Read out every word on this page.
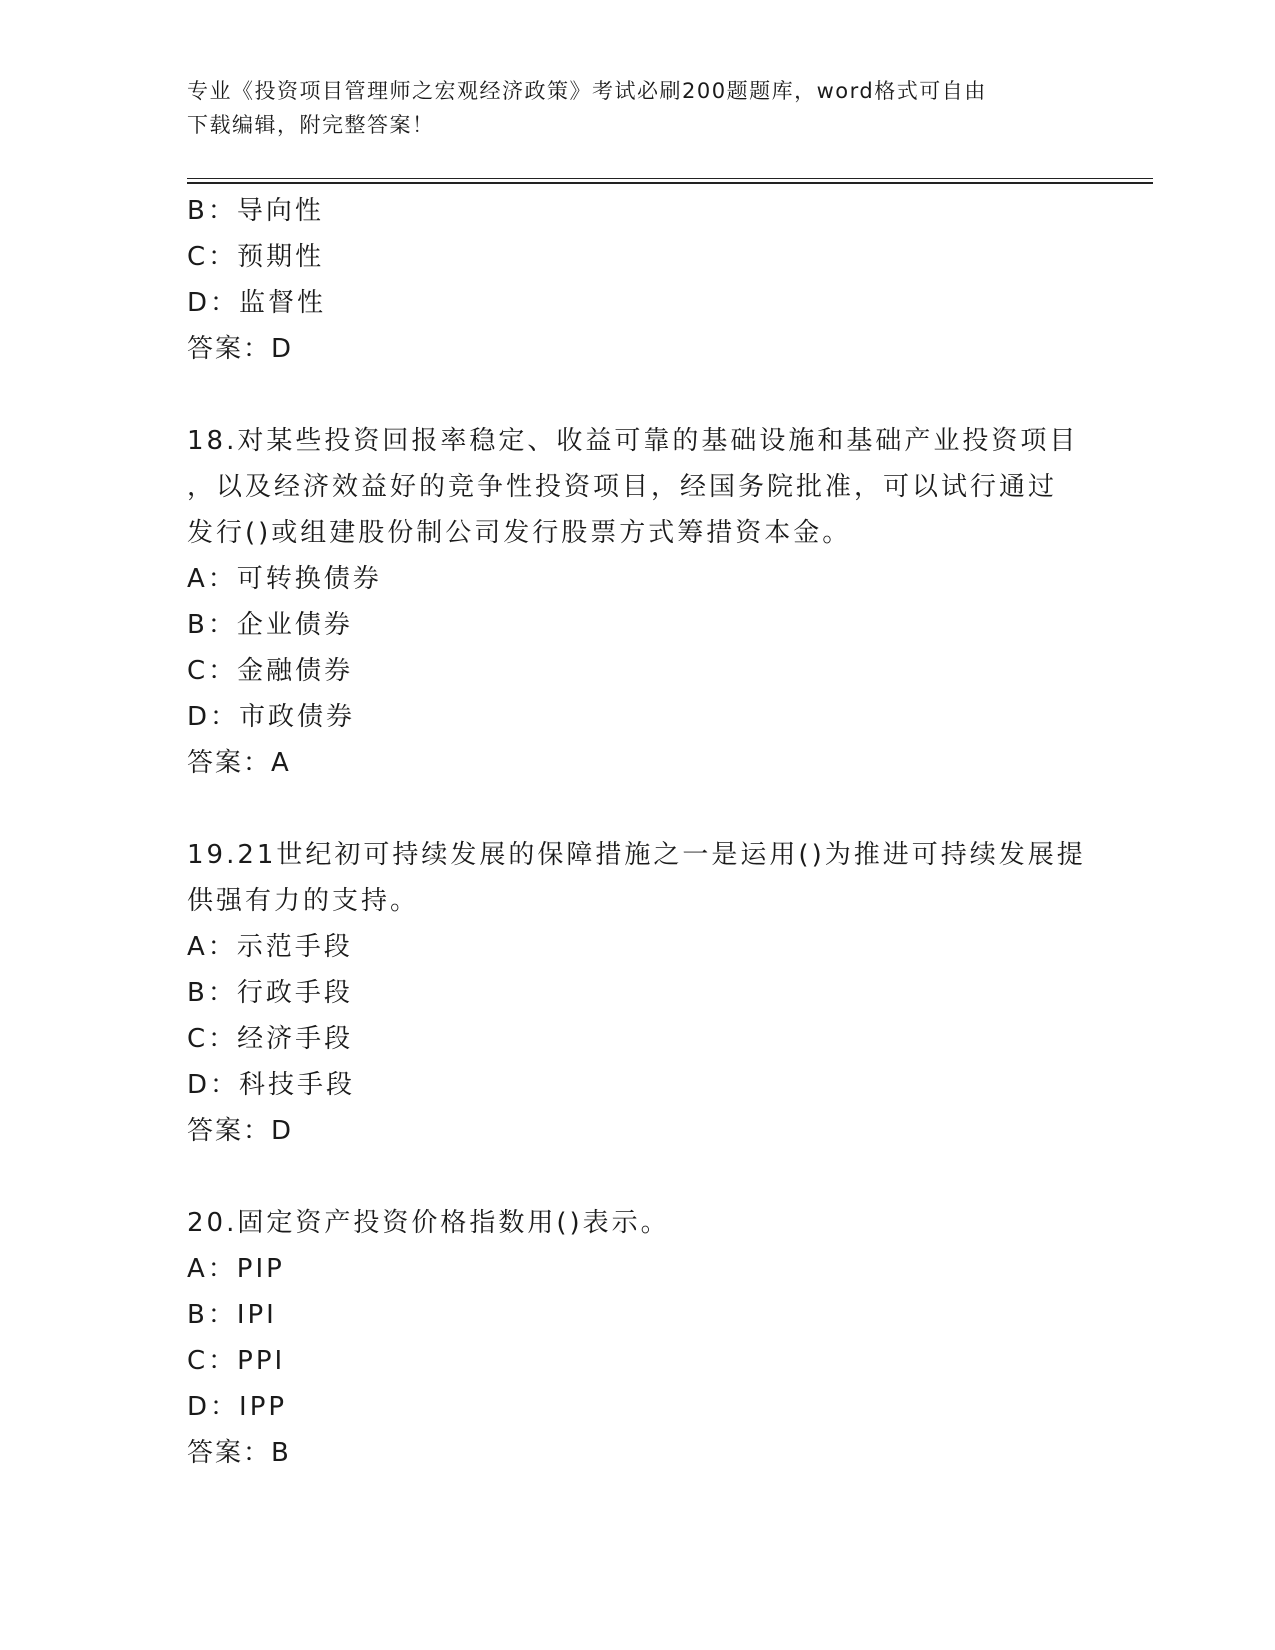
专业《投资项目管理师之宏观经济政策》考试必刷200题题库，word格式可自由
下载编辑，附完整答案！
B：导向性
C：预期性
D：监督性
答案：D
18.对某些投资回报率稳定、收益可靠的基础设施和基础产业投资项目
，以及经济效益好的竞争性投资项目，经国务院批准，可以试行通过
发行()或组建股份制公司发行股票方式筹措资本金。
A：可转换债券
B：企业债券
C：金融债券
D：市政债券
答案：A
19.21世纪初可持续发展的保障措施之一是运用()为推进可持续发展提
供强有力的支持。
A：示范手段
B：行政手段
C：经济手段
D：科技手段
答案：D
20.固定资产投资价格指数用()表示。
A：PIP
B：IPI
C：PPI
D：IPP
答案：B
